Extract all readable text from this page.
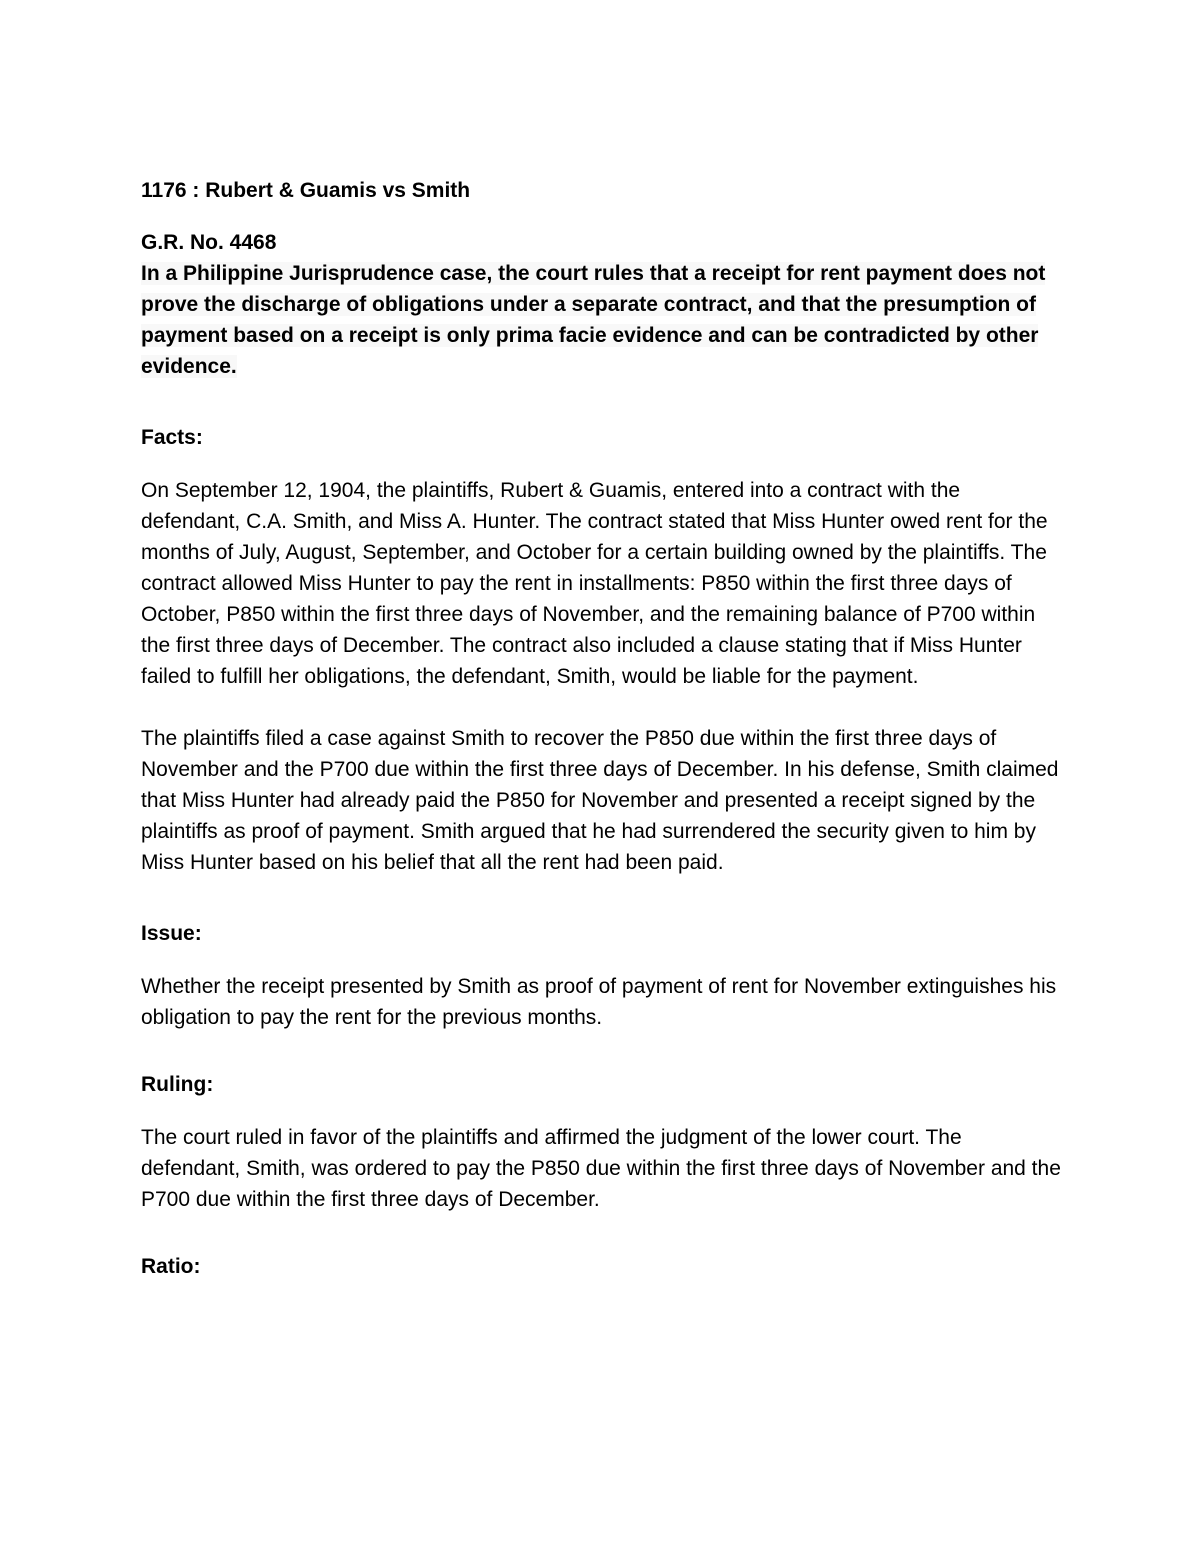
1176 : Rubert & Guamis vs Smith

G.R. No. 4468

In a Philippine Jurisprudence case, the court rules that a receipt for rent payment does not prove the discharge of obligations under a separate contract, and that the presumption of payment based on a receipt is only prima facie evidence and can be contradicted by other evidence.

Facts:

On September 12, 1904, the plaintiffs, Rubert & Guamis, entered into a contract with the defendant, C.A. Smith, and Miss A. Hunter. The contract stated that Miss Hunter owed rent for the months of July, August, September, and October for a certain building owned by the plaintiffs. The contract allowed Miss Hunter to pay the rent in installments: P850 within the first three days of October, P850 within the first three days of November, and the remaining balance of P700 within the first three days of December. The contract also included a clause stating that if Miss Hunter failed to fulfill her obligations, the defendant, Smith, would be liable for the payment.

The plaintiffs filed a case against Smith to recover the P850 due within the first three days of November and the P700 due within the first three days of December. In his defense, Smith claimed that Miss Hunter had already paid the P850 for November and presented a receipt signed by the plaintiffs as proof of payment. Smith argued that he had surrendered the security given to him by Miss Hunter based on his belief that all the rent had been paid.

Issue:

Whether the receipt presented by Smith as proof of payment of rent for November extinguishes his obligation to pay the rent for the previous months.

Ruling:

The court ruled in favor of the plaintiffs and affirmed the judgment of the lower court. The defendant, Smith, was ordered to pay the P850 due within the first three days of November and the P700 due within the first three days of December.

Ratio:
